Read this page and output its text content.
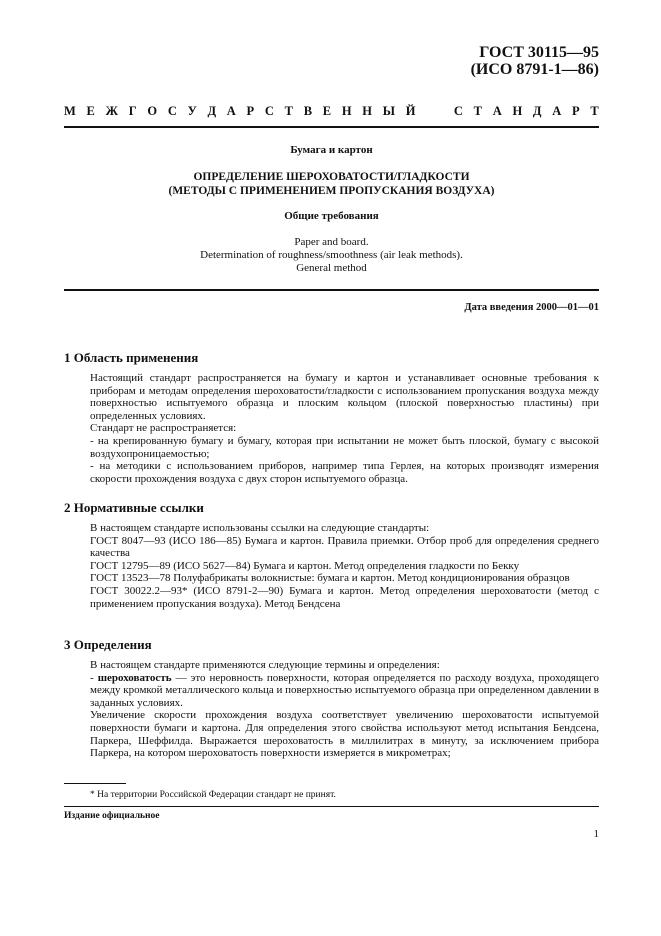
ГОСТ 30115—95
(ИСО 8791-1—86)
М Е Ж Г О С У Д А Р С Т В Е Н Н Ы Й

	С Т А Н Д А Р Т
Бумага и картон
ОПРЕДЕЛЕНИЕ ШЕРОХОВАТОСТИ/ГЛАДКОСТИ
(МЕТОДЫ С ПРИМЕНЕНИЕМ ПРОПУСКАНИЯ ВОЗДУХА)
Общие требования
Paper and board.
Determination of roughness/smoothness (air leak methods).
General method
Дата введения 2000—01—01
1 Область применения
Настоящий стандарт распространяется на бумагу и картон и устанавливает основные требования к приборам и методам определения шероховатости/гладкости с использованием пропускания воздуха между поверхностью испытуемого образца и плоским кольцом (плоской поверхностью пластины) при определенных условиях.
Стандарт не распространяется:
- на крепированную бумагу и бумагу, которая при испытании не может быть плоской, бумагу с высокой воздухопроницаемостью;
- на методики с использованием приборов, например типа Герлея, на которых производят измерения скорости прохождения воздуха с двух сторон испытуемого образца.
2 Нормативные ссылки
В настоящем стандарте использованы ссылки на следующие стандарты:
ГОСТ 8047—93 (ИСО 186—85) Бумага и картон. Правила приемки. Отбор проб для определения среднего качества
ГОСТ 12795—89 (ИСО 5627—84) Бумага и картон. Метод определения гладкости по Бекку
ГОСТ 13523—78 Полуфабрикаты волокнистые: бумага и картон. Метод кондиционирования образцов
ГОСТ 30022.2—93* (ИСО 8791-2—90) Бумага и картон. Метод определения шероховатости (метод с применением пропускания воздуха). Метод Бендсена
3 Определения
В настоящем стандарте применяются следующие термины и определения:
- шероховатость — это неровность поверхности, которая определяется по расходу воздуха, проходящего между кромкой металлического кольца и поверхностью испытуемого образца при определенном давлении в заданных условиях.
Увеличение скорости прохождения воздуха соответствует увеличению шероховатости испытуемой поверхности бумаги и картона. Для определения этого свойства используют метод испытания Бендсена, Паркера, Шеффилда. Выражается шероховатость в миллилитрах в минуту, за исключением прибора Паркера, на котором шероховатость поверхности измеряется в микрометрах;
* На территории Российской Федерации стандарт не принят.
Издание официальное
1
